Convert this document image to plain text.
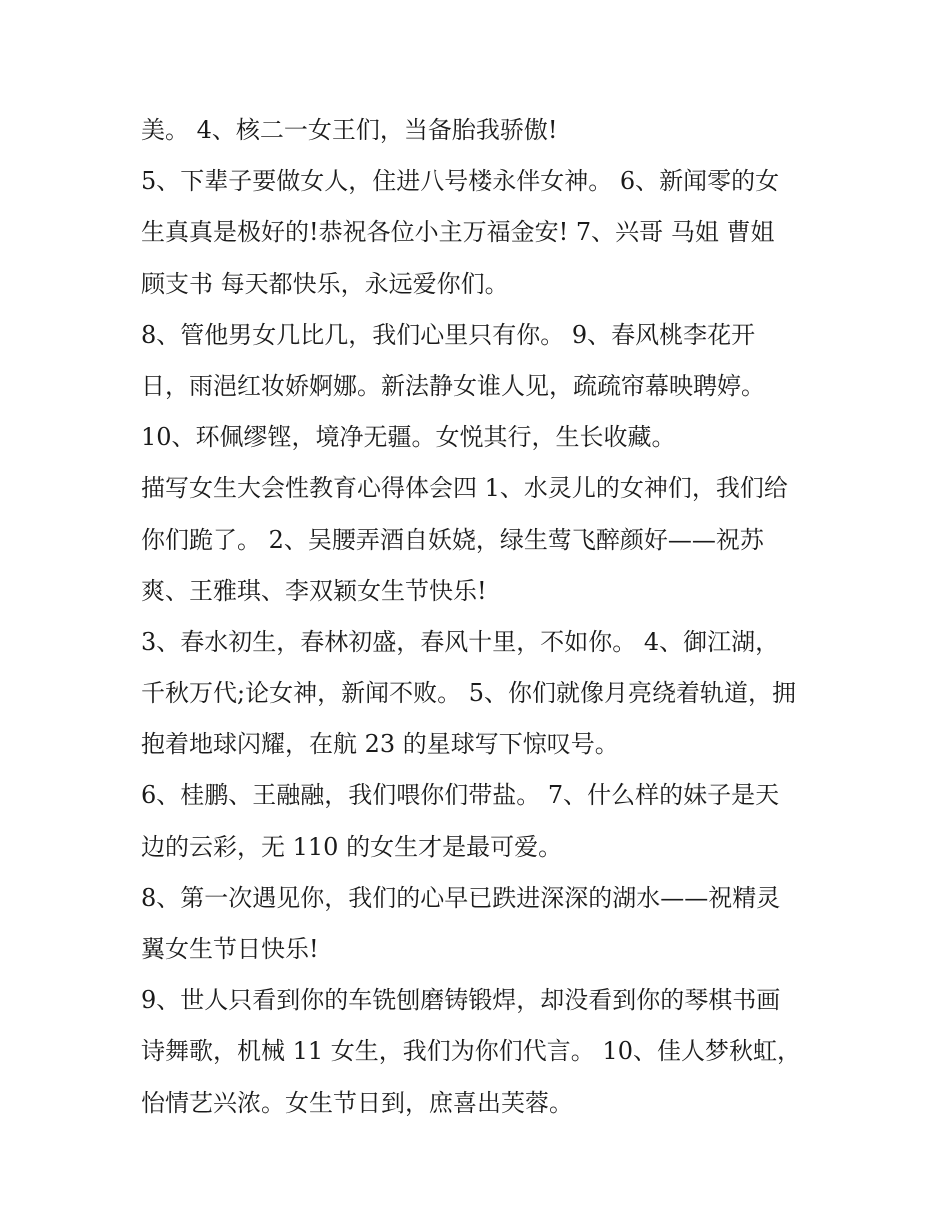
美。 4、核二一女王们，当备胎我骄傲!
5、下辈子要做女人，住进八号楼永伴女神。 6、新闻零的女
生真真是极好的!恭祝各位小主万福金安! 7、兴哥 马姐 曹姐
顾支书 每天都快乐，永远爱你们。
8、管他男女几比几，我们心里只有你。 9、春风桃李花开
日，雨浥红妆娇婀娜。新法静女谁人见，疏疏帘幕映聘婷。
10、环佩缪铿，境净无疆。女悦其行，生长收藏。
描写女生大会性教育心得体会四 1、水灵儿的女神们，我们给
你们跪了。 2、吴腰弄酒自妖娆，绿生莺飞醉颜好——祝苏
爽、王雅琪、李双颖女生节快乐!
3、春水初生，春林初盛，春风十里，不如你。 4、御江湖，
千秋万代;论女神，新闻不败。 5、你们就像月亮绕着轨道，拥
抱着地球闪耀，在航 23 的星球写下惊叹号。
6、桂鹏、王融融，我们喂你们带盐。 7、什么样的妹子是天
边的云彩，无 110 的女生才是最可爱。
8、第一次遇见你，我们的心早已跌进深深的湖水——祝精灵
翼女生节日快乐!
9、世人只看到你的车铣刨磨铸锻焊，却没看到你的琴棋书画
诗舞歌，机械 11 女生，我们为你们代言。 10、佳人梦秋虹，
怡情艺兴浓。女生节日到，庶喜出芙蓉。
